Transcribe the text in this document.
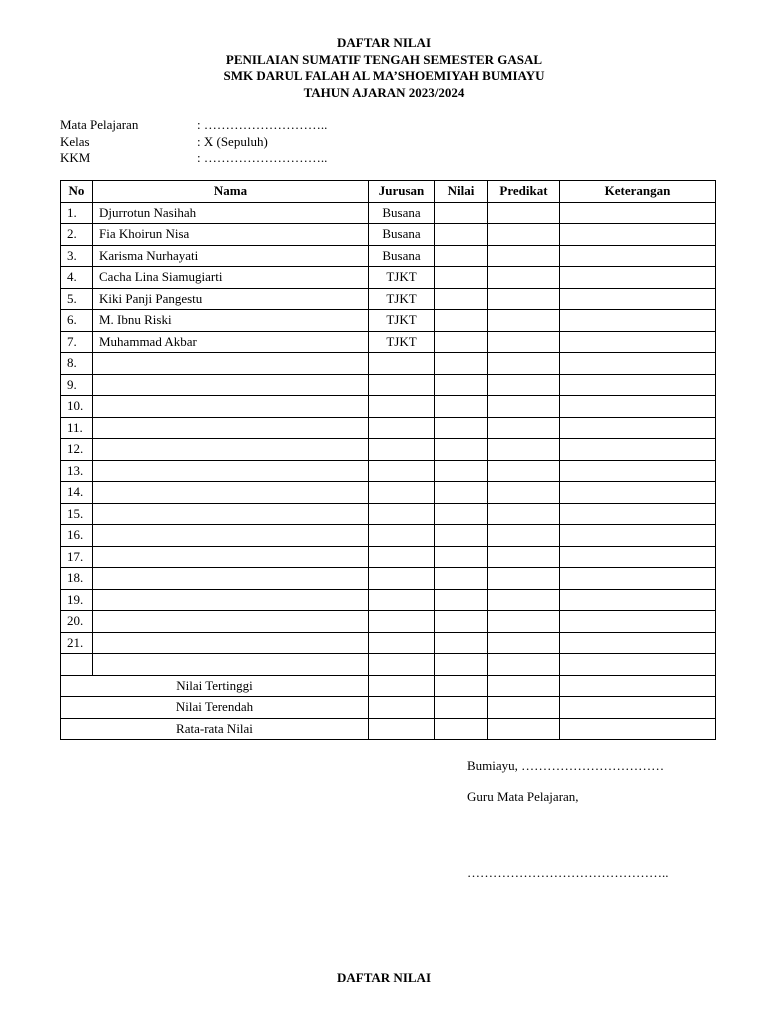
DAFTAR NILAI
PENILAIAN SUMATIF TENGAH SEMESTER GASAL
SMK DARUL FALAH AL MA’SHOEMIYAH BUMIAYU
TAHUN AJARAN 2023/2024
Mata Pelajaran	: ………………………..
Kelas	: X (Sepuluh)
KKM	: ………………………..
No	Nama	Jurusan	Nilai	Predikat	Keterangan
1.	Djurrotun Nasihah	Busana			
2.	Fia Khoirun Nisa	Busana			
3.	Karisma Nurhayati	Busana			
4.	Cacha Lina Siamugiarti	TJKT			
5.	Kiki Panji Pangestu	TJKT			
6.	M. Ibnu Riski	TJKT			
7.	Muhammad Akbar	TJKT			
8.					
9.					
10.					
11.					
12.					
13.					
14.					
15.					
16.					
17.					
18.					
19.					
20.					
21.					

Nilai Tertinggi					
Nilai Terendah					
Rata-rata Nilai					
Bumiayu, ……………………………
Guru Mata Pelajaran,
………………………………………..
DAFTAR NILAI
